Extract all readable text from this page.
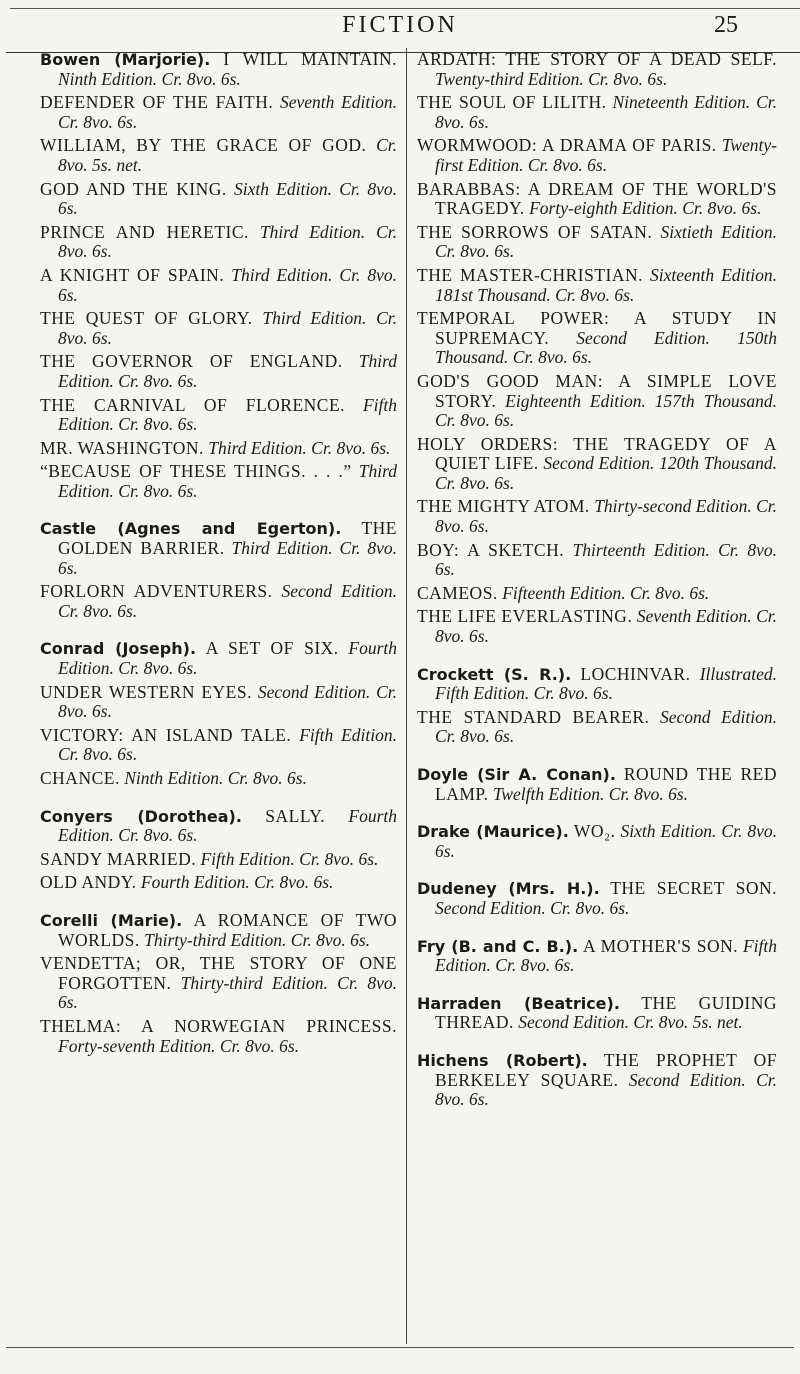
FICTION	25

Bowen (Marjorie). I WILL MAINTAIN. Ninth Edition. Cr. 8vo. 6s.

DEFENDER OF THE FAITH. Seventh Edition. Cr. 8vo. 6s.

WILLIAM, BY THE GRACE OF GOD. Cr. 8vo. 5s. net.

GOD AND THE KING. Sixth Edition. Cr. 8vo. 6s.

PRINCE AND HERETIC. Third Edition. Cr. 8vo. 6s.

A KNIGHT OF SPAIN. Third Edition. Cr. 8vo. 6s.

THE QUEST OF GLORY. Third Edition. Cr. 8vo. 6s.

THE GOVERNOR OF ENGLAND. Third Edition. Cr. 8vo. 6s.

THE CARNIVAL OF FLORENCE. Fifth Edition. Cr. 8vo. 6s.

MR. WASHINGTON. Third Edition. Cr. 8vo. 6s.

“BECAUSE OF THESE THINGS. . . .” Third Edition. Cr. 8vo. 6s.

Castle (Agnes and Egerton). THE GOLDEN BARRIER. Third Edition. Cr. 8vo. 6s.

FORLORN ADVENTURERS. Second Edition. Cr. 8vo. 6s.

Conrad (Joseph). A SET OF SIX. Fourth Edition. Cr. 8vo. 6s.

UNDER WESTERN EYES. Second Edition. Cr. 8vo. 6s.

VICTORY: AN ISLAND TALE. Fifth Edition. Cr. 8vo. 6s.

CHANCE. Ninth Edition. Cr. 8vo. 6s.

Conyers (Dorothea). SALLY. Fourth Edition. Cr. 8vo. 6s.

SANDY MARRIED. Fifth Edition. Cr. 8vo. 6s.

OLD ANDY. Fourth Edition. Cr. 8vo. 6s.

Corelli (Marie). A ROMANCE OF TWO WORLDS. Thirty-third Edition. Cr. 8vo. 6s.

VENDETTA; OR, THE STORY OF ONE FORGOTTEN. Thirty-third Edition. Cr. 8vo. 6s.

THELMA: A NORWEGIAN PRINCESS. Forty-seventh Edition. Cr. 8vo. 6s.

ARDATH: THE STORY OF A DEAD SELF. Twenty-third Edition. Cr. 8vo. 6s.

THE SOUL OF LILITH. Nineteenth Edition. Cr. 8vo. 6s.

WORMWOOD: A DRAMA OF PARIS. Twenty-first Edition. Cr. 8vo. 6s.

BARABBAS: A DREAM OF THE WORLD'S TRAGEDY. Forty-eighth Edition. Cr. 8vo. 6s.

THE SORROWS OF SATAN. Sixtieth Edition. Cr. 8vo. 6s.

THE MASTER-CHRISTIAN. Sixteenth Edition. 181st Thousand. Cr. 8vo. 6s.

TEMPORAL POWER: A STUDY IN SUPREMACY. Second Edition. 150th Thousand. Cr. 8vo. 6s.

GOD'S GOOD MAN: A SIMPLE LOVE STORY. Eighteenth Edition. 157th Thousand. Cr. 8vo. 6s.

HOLY ORDERS: THE TRAGEDY OF A QUIET LIFE. Second Edition. 120th Thousand. Cr. 8vo. 6s.

THE MIGHTY ATOM. Thirty-second Edition. Cr. 8vo. 6s.

BOY: A SKETCH. Thirteenth Edition. Cr. 8vo. 6s.

CAMEOS. Fifteenth Edition. Cr. 8vo. 6s.

THE LIFE EVERLASTING. Seventh Edition. Cr. 8vo. 6s.

Crockett (S. R.). LOCHINVAR. Illustrated. Fifth Edition. Cr. 8vo. 6s.

THE STANDARD BEARER. Second Edition. Cr. 8vo. 6s.

Doyle (Sir A. Conan). ROUND THE RED LAMP. Twelfth Edition. Cr. 8vo. 6s.

Drake (Maurice). WO₂. Sixth Edition. Cr. 8vo. 6s.

Dudeney (Mrs. H.). THE SECRET SON. Second Edition. Cr. 8vo. 6s.

Fry (B. and C. B.). A MOTHER'S SON. Fifth Edition. Cr. 8vo. 6s.

Harraden (Beatrice). THE GUIDING THREAD. Second Edition. Cr. 8vo. 5s. net.

Hichens (Robert). THE PROPHET OF BERKELEY SQUARE. Second Edition. Cr. 8vo. 6s.
